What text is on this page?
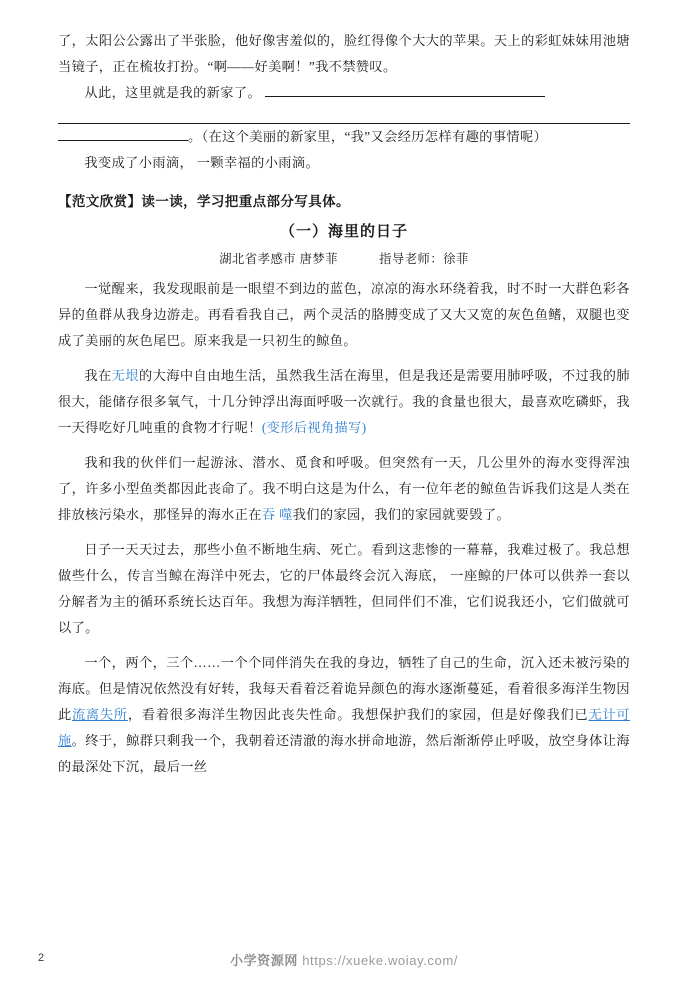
了，太阳公公露出了半张脸，他好像害羞似的，脸红得像个大大的苹果。天上的彩虹妹妹用池塘当镜子，正在梳妆打扮。“啊——好美啊！”我不禁赞叹。

从此，这里就是我的新家了。

。（在这个美丽的新家里，“我”又会经历怎样有趣的事情呢）

我变成了小雨滴， 一颗幸福的小雨滴。

【范文欣赏】读一读，学习把重点部分写具体。
（一）海里的日子
湖北省孝感市 唐梦菲	指导老师：徐菲

一觉醒来，我发现眼前是一眼望不到边的蓝色，凉凉的海水环绕着我，时不时一大群色彩各异的鱼群从我身边游走。再看看我自己，两个灵活的胳膊变成了又大又宽的灰色鱼鳍，双腿也变成了美丽的灰色尾巴。原来我是一只初生的鲸鱼。

我在无垠的大海中自由地生活，虽然我生活在海里，但是我还是需要用肺呼吸，不过我的肺很大，能储存很多氧气，十几分钟浮出海面呼吸一次就行。我的食量也很大，最喜欢吃磷虾，我一天得吃好几吨重的食物才行呢！(变形后视角描写)

我和我的伙伴们一起游泳、潜水、觅食和呼吸。但突然有一天，几公里外的海水变得浑浊了，许多小型鱼类都因此丧命了。我不明白这是为什么，有一位年老的鲸鱼告诉我们这是人类在排放核污染水，那怪异的海水正在吞 噬我们的家园，我们的家园就要毁了。

日子一天天过去，那些小鱼不断地生病、死亡。看到这悲惨的一幕幕，我难过极了。我总想做些什么，传言当鲸在海洋中死去，它的尸体最终会沉入海底， 一座鲸的尸体可以供养一套以分解者为主的循环系统长达百年。我想为海洋牺牲，但同伴们不准，它们说我还小，它们做就可以了。

一个，两个，三个……一个个同伴消失在我的身边，牺牲了自己的生命，沉入还未被污染的海底。但是情况依然没有好转，我每天看着泛着诡异颜色的海水逐渐蔓延，看着很多海洋生物因此流离失所，看着很多海洋生物因此丧失性命。我想保护我们的家园，但是好像我们已无计可施。终于，鲸群只剩我一个，我朝着还清澈的海水拼命地游，然后渐渐停止呼吸，放空身体让海的最深处下沉，最后一丝

2	小学资源网 https://xueke.woiay.com/
